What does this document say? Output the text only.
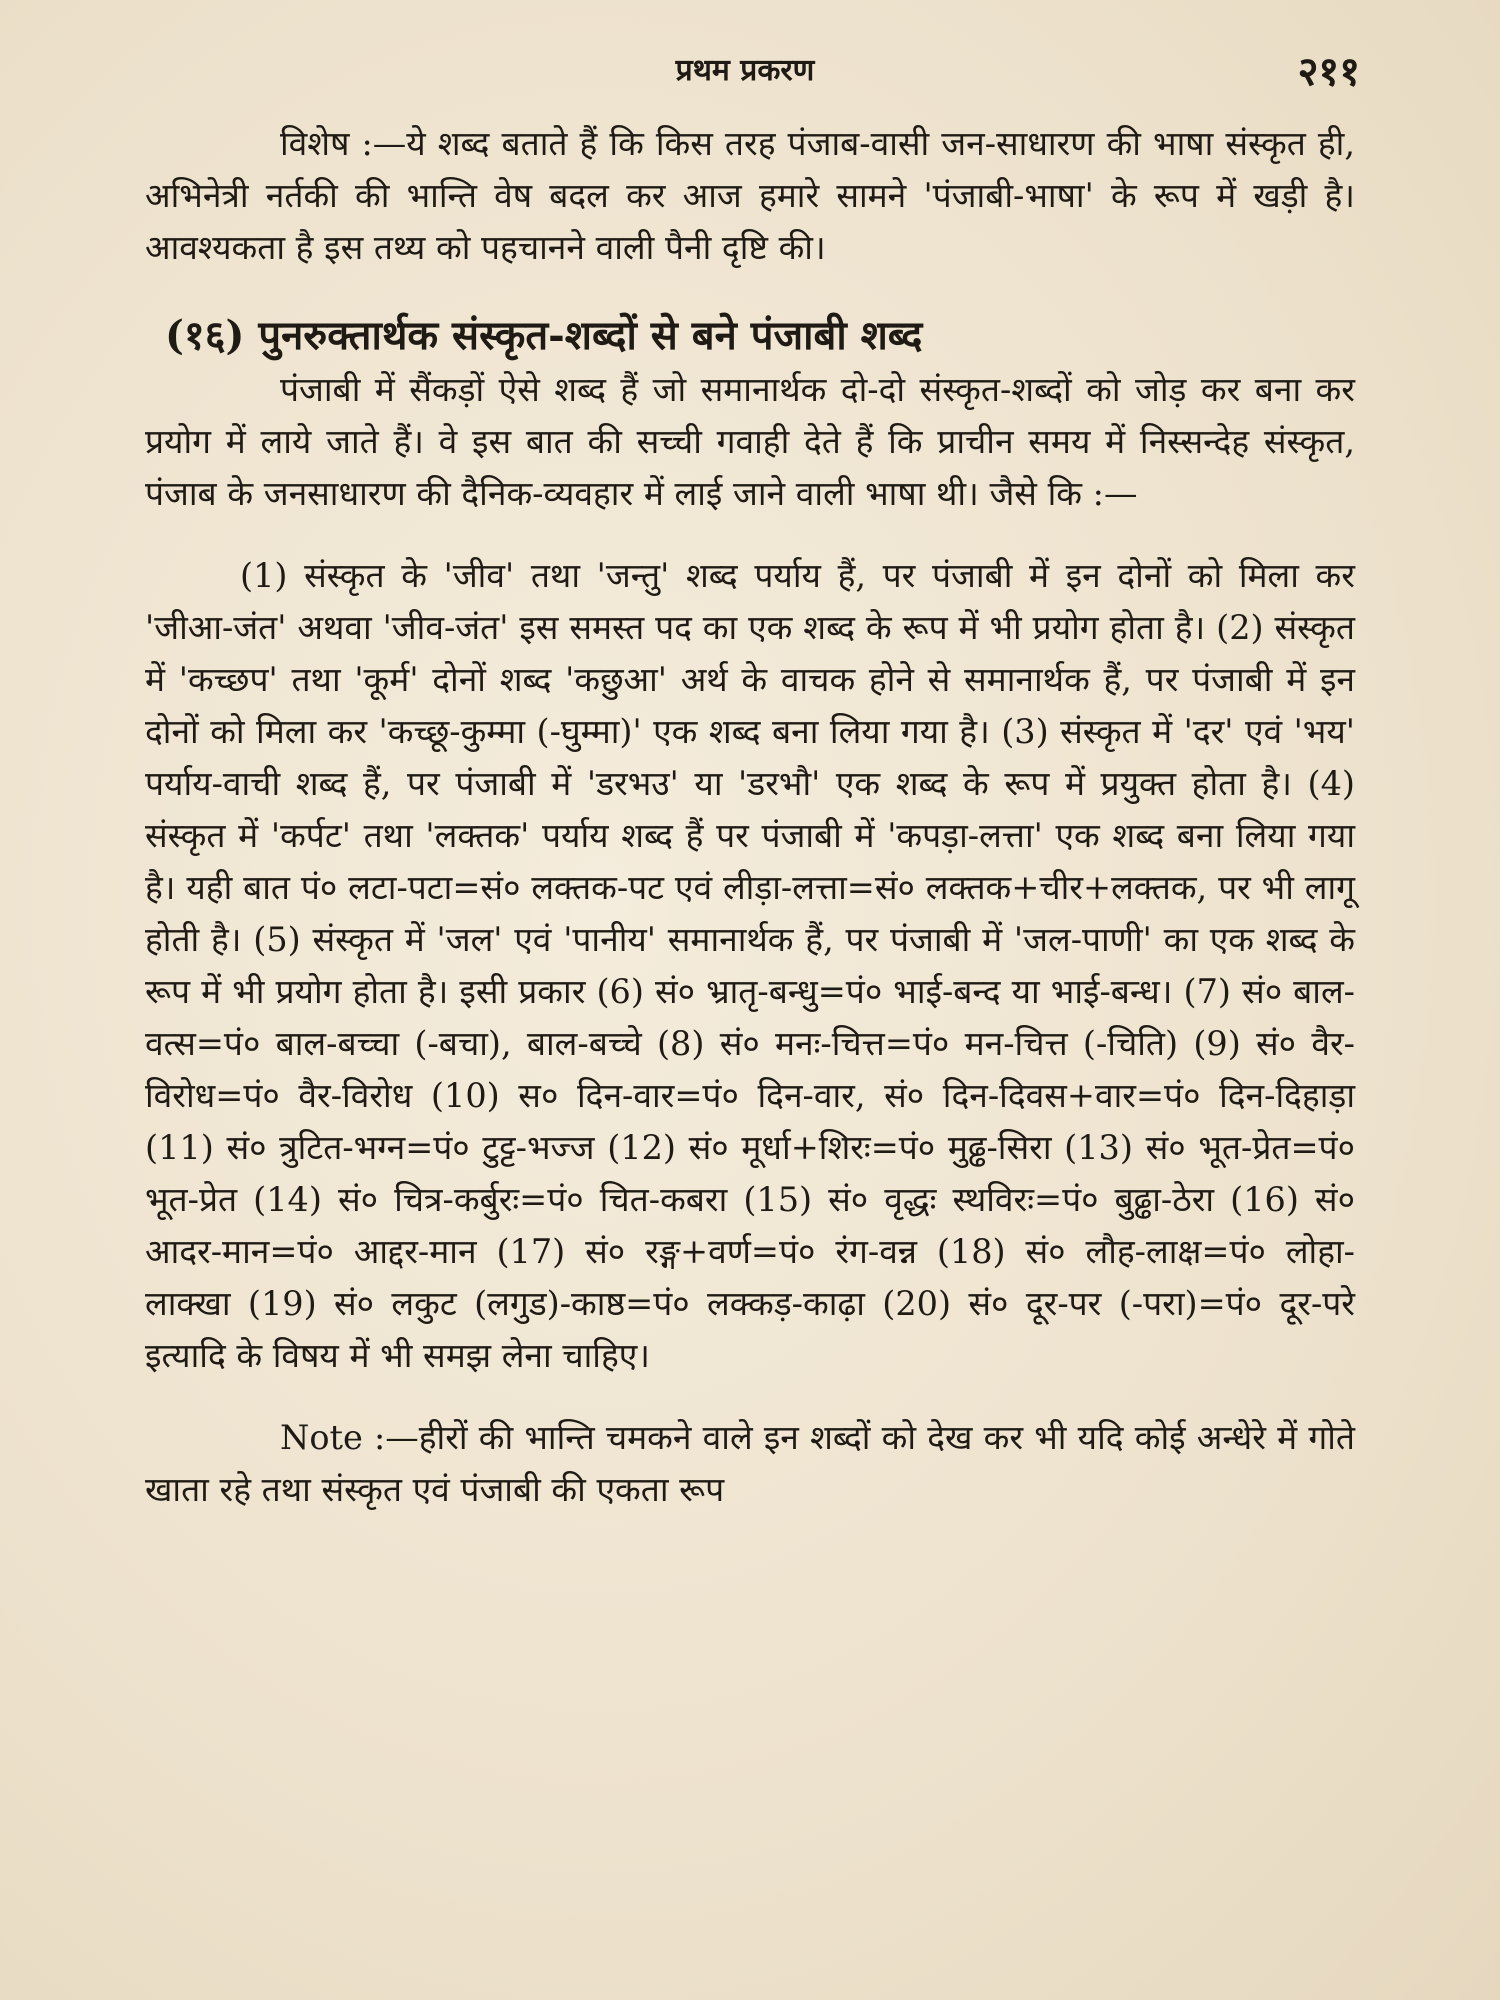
प्रथम प्रकरण	२११

विशेष :—ये शब्द बताते हैं कि किस तरह पंजाब-वासी जन-साधारण की भाषा संस्कृत ही, अभिनेत्री नर्तकी की भान्ति वेष बदल कर आज हमारे सामने 'पंजाबी-भाषा' के रूप में खड़ी है। आवश्यकता है इस तथ्य को पहचानने वाली पैनी दृष्टि की।

(१६) पुनरुक्तार्थक संस्कृत-शब्दों से बने पंजाबी शब्द

पंजाबी में सैंकड़ों ऐसे शब्द हैं जो समानार्थक दो-दो संस्कृत-शब्दों को जोड़ कर बना कर प्रयोग में लाये जाते हैं। वे इस बात की सच्ची गवाही देते हैं कि प्राचीन समय में निस्सन्देह संस्कृत, पंजाब के जनसाधारण की दैनिक-व्यवहार में लाई जाने वाली भाषा थी। जैसे कि :—

(1) संस्कृत के 'जीव' तथा 'जन्तु' शब्द पर्याय हैं, पर पंजाबी में इन दोनों को मिला कर 'जीआ-जंत' अथवा 'जीव-जंत' इस समस्त पद का एक शब्द के रूप में भी प्रयोग होता है। (2) संस्कृत में 'कच्छप' तथा 'कूर्म' दोनों शब्द 'कछुआ' अर्थ के वाचक होने से समानार्थक हैं, पर पंजाबी में इन दोनों को मिला कर 'कच्छू-कुम्मा (-घुम्मा)' एक शब्द बना लिया गया है। (3) संस्कृत में 'दर' एवं 'भय' पर्याय-वाची शब्द हैं, पर पंजाबी में 'डरभउ' या 'डरभौ' एक शब्द के रूप में प्रयुक्त होता है। (4) संस्कृत में 'कर्पट' तथा 'लक्तक' पर्याय शब्द हैं पर पंजाबी में 'कपड़ा-लत्ता' एक शब्द बना लिया गया है। यही बात पं० लटा-पटा=सं० लक्तक-पट एवं लीड़ा-लत्ता=सं० लक्तक+चीर+लक्तक, पर भी लागू होती है। (5) संस्कृत में 'जल' एवं 'पानीय' समानार्थक हैं, पर पंजाबी में 'जल-पाणी' का एक शब्द के रूप में भी प्रयोग होता है। इसी प्रकार (6) सं० भ्रातृ-बन्धु=पं० भाई-बन्द या भाई-बन्ध। (7) सं० बाल-वत्स=पं० बाल-बच्चा (-बचा), बाल-बच्चे (8) सं० मनः-चित्त=पं० मन-चित्त (-चिति) (9) सं० वैर-विरोध=पं० वैर-विरोध (10) स० दिन-वार=पं० दिन-वार, सं० दिन-दिवस+वार=पं० दिन-दिहाड़ा (11) सं० त्रुटित-भग्न=पं० टुट्ट-भज्ज (12) सं० मूर्धा+शिरः=पं० मुढ्ढ-सिरा (13) सं० भूत-प्रेत=पं० भूत-प्रेत (14) सं० चित्र-कर्बुरः=पं० चित-कबरा (15) सं० वृद्धः स्थविरः=पं० बुढ्ढा-ठेरा (16) सं० आदर-मान=पं० आद्दर-मान (17) सं० रङ्ग+वर्ण=पं० रंग-वन्न (18) सं० लौह-लाक्ष=पं० लोहा-लाक्खा (19) सं० लकुट (लगुड)-काष्ठ=पं० लक्कड़-काढ़ा (20) सं० दूर-पर (-परा)=पं० दूर-परे इत्यादि के विषय में भी समझ लेना चाहिए।

Note :—हीरों की भान्ति चमकने वाले इन शब्दों को देख कर भी यदि कोई अन्धेरे में गोते खाता रहे तथा संस्कृत एवं पंजाबी की एकता रूप
